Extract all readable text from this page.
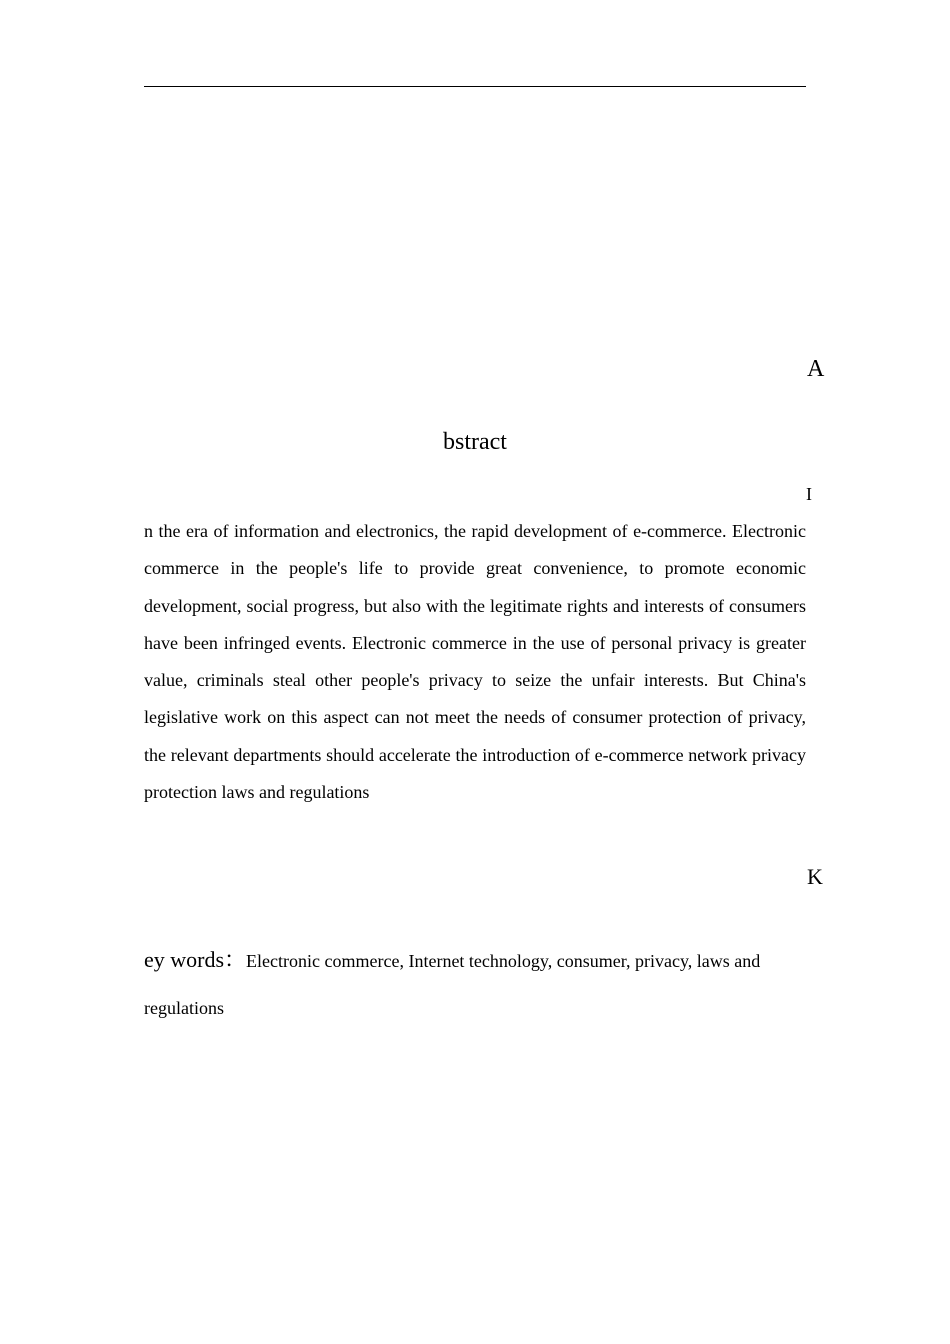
A
bstract
I

n the era of information and electronics, the rapid development of e-commerce. Electronic commerce in the people's life to provide great convenience, to promote economic development, social progress, but also with the legitimate rights and interests of consumers have been infringed events. Electronic commerce in the use of personal privacy is greater value, criminals steal other people's privacy to seize the unfair interests. But China's legislative work on this aspect can not meet the needs of consumer protection of privacy, the relevant departments should accelerate the introduction of e-commerce network privacy protection laws and regulations

K

ey words：Electronic commerce, Internet technology, consumer, privacy, laws and regulations
